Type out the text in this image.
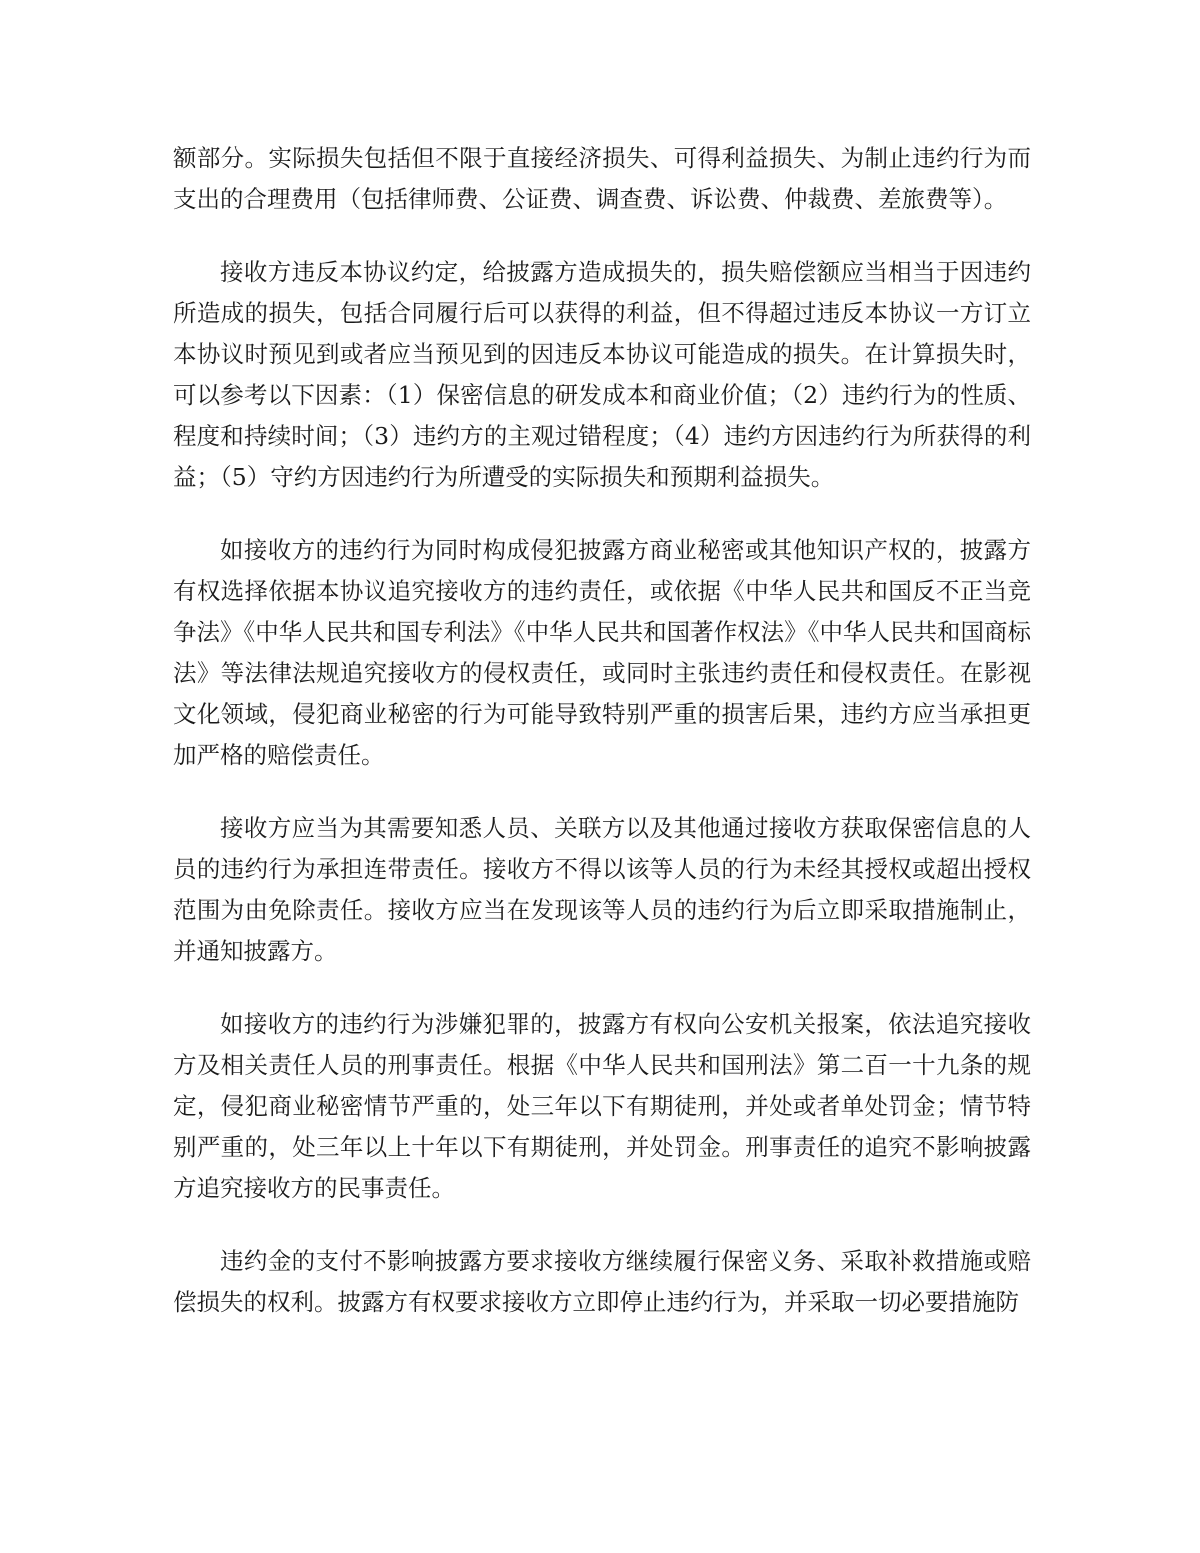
额部分。实际损失包括但不限于直接经济损失、可得利益损失、为制止违约行为而支出的合理费用（包括律师费、公证费、调查费、诉讼费、仲裁费、差旅费等）。

接收方违反本协议约定，给披露方造成损失的，损失赔偿额应当相当于因违约所造成的损失，包括合同履行后可以获得的利益，但不得超过违反本协议一方订立本协议时预见到或者应当预见到的因违反本协议可能造成的损失。在计算损失时，可以参考以下因素：（1）保密信息的研发成本和商业价值；（2）违约行为的性质、程度和持续时间；（3）违约方的主观过错程度；（4）违约方因违约行为所获得的利益；（5）守约方因违约行为所遭受的实际损失和预期利益损失。

如接收方的违约行为同时构成侵犯披露方商业秘密或其他知识产权的，披露方有权选择依据本协议追究接收方的违约责任，或依据《中华人民共和国反不正当竞争法》《中华人民共和国专利法》《中华人民共和国著作权法》《中华人民共和国商标法》等法律法规追究接收方的侵权责任，或同时主张违约责任和侵权责任。在影视文化领域，侵犯商业秘密的行为可能导致特别严重的损害后果，违约方应当承担更加严格的赔偿责任。

接收方应当为其需要知悉人员、关联方以及其他通过接收方获取保密信息的人员的违约行为承担连带责任。接收方不得以该等人员的行为未经其授权或超出授权范围为由免除责任。接收方应当在发现该等人员的违约行为后立即采取措施制止，并通知披露方。

如接收方的违约行为涉嫌犯罪的，披露方有权向公安机关报案，依法追究接收方及相关责任人员的刑事责任。根据《中华人民共和国刑法》第二百一十九条的规定，侵犯商业秘密情节严重的，处三年以下有期徒刑，并处或者单处罚金；情节特别严重的，处三年以上十年以下有期徒刑，并处罚金。刑事责任的追究不影响披露方追究接收方的民事责任。

违约金的支付不影响披露方要求接收方继续履行保密义务、采取补救措施或赔偿损失的权利。披露方有权要求接收方立即停止违约行为，并采取一切必要措施防
